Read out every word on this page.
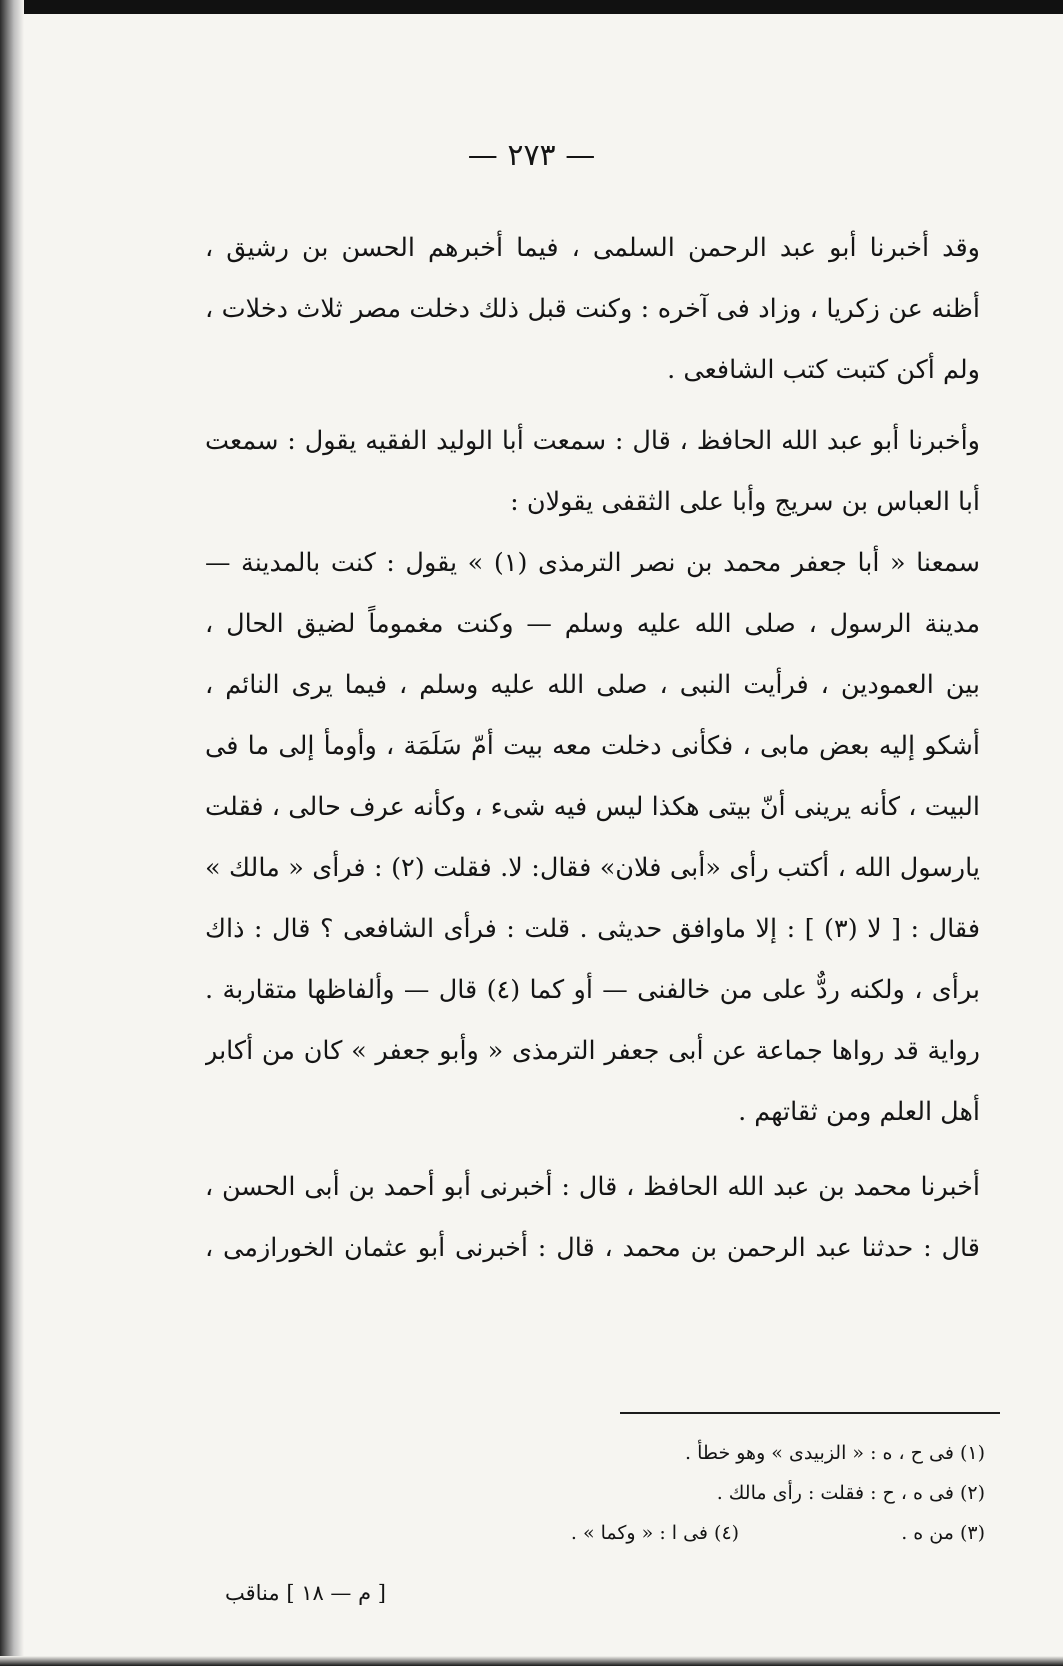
— ٢٧٣ —
وقد أخبرنا أبو عبد الرحمن السلمى ، فيما أخبرهم الحسن بن رشيق ،
أظنه عن زكريا ، وزاد فى آخره : وكنت قبل ذلك دخلت مصر ثلاث دخلات ،
ولم أكن كتبت كتب الشافعى .
وأخبرنا أبو عبد الله الحافظ ، قال : سمعت أبا الوليد الفقيه يقول : سمعت
أبا العباس بن سريج وأبا على الثقفى يقولان :
سمعنا « أبا جعفر محمد بن نصر الترمذى (١) » يقول : كنت بالمدينة —
مدينة الرسول ، صلى الله عليه وسلم — وكنت مغموماً لضيق الحال ،
بين العمودين ، فرأيت النبى ، صلى الله عليه وسلم ، فيما يرى النائم ،
أشكو إليه بعض مابى ، فكأنى دخلت معه بيت أمّ سَلَمَة ، وأومأ إلى ما فى
البيت ، كأنه يرينى أنّ بيتى هكذا ليس فيه شىء ، وكأنه عرف حالى ، فقلت
يارسول الله ، أكتب رأى «أبى فلان» فقال: لا. فقلت (٢) : فرأى « مالك »
فقال : [ لا (٣) ] : إلا ماوافق حديثى . قلت : فرأى الشافعى ؟ قال : ذاك
برأى ، ولكنه ردٌّ على من خالفنى — أو كما (٤) قال — وألفاظها متقاربة .
رواية قد رواها جماعة عن أبى جعفر الترمذى « وأبو جعفر » كان من أكابر
أهل العلم ومن ثقاتهم .
أخبرنا محمد بن عبد الله الحافظ ، قال : أخبرنى أبو أحمد بن أبى الحسن ،
قال : حدثنا عبد الرحمن بن محمد ، قال : أخبرنى أبو عثمان الخورازمى ،
(١) فى ح ، ه : « الزبيدى » وهو خطأ .
(٢) فى ه ، ح : فقلت : رأى مالك .
(٣) من ه .  (٤) فى ا : « وكما » .
[ م — ١٨ ] مناقب
